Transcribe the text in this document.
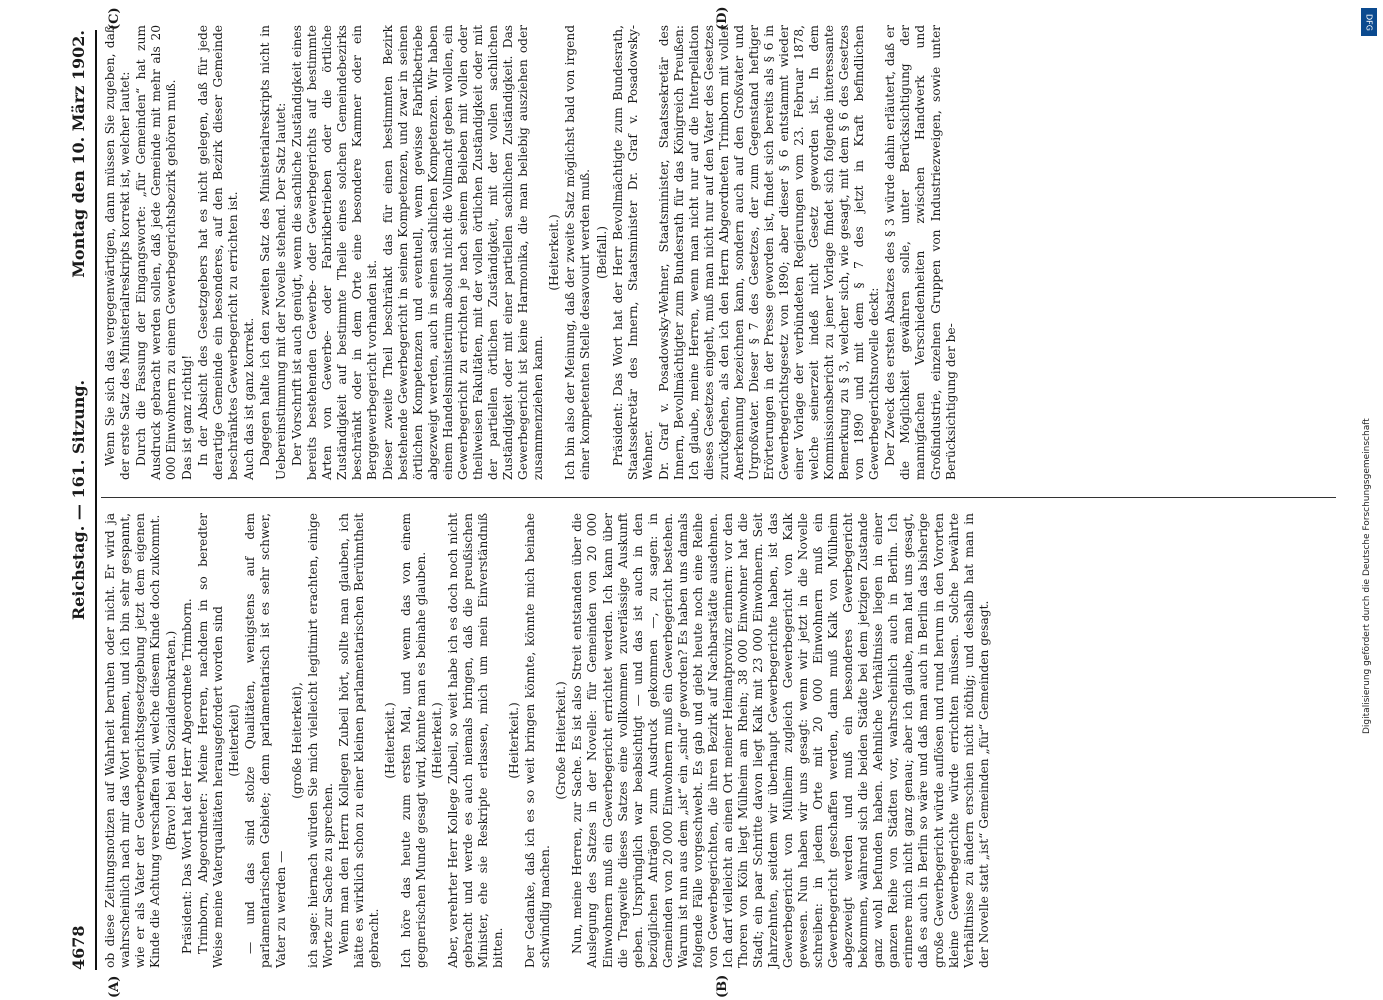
4678
Reichstag. — 161. Sitzung.
Montag den 10. März 1902.
(A)	(B)
(C)	(D)

ob diese Zeitungsnotizen auf Wahrheit beruhen oder nicht. Er wird ja wahrscheinlich nach mir das Wort nehmen, und ich bin sehr gespannt, wie er als Vater der Gewerbegerichtsgesetzgebung jetzt dem eigenen Kinde die Achtung verschaffen will, welche diesem Kinde doch zukommt. (Bravo! bei den Sozialdemokraten.) Präsident: Das Wort hat der Herr Abgeordnete Trimborn. Trimborn, Abgeordneter: Meine Herren, nachdem in so beredter Weise meine Vaterqualitäten herausgefordert worden sind (Heiterkeit) — und das sind stolze Qualitäten, wenigstens auf dem parlamentarischen Gebiete; denn parlamentarisch ist es sehr schwer, Vater zu werden —

(große Heiterkeit), ich sage: hiernach würden Sie mich vielleicht legitimirt erachten, einige Worte zur Sache zu sprechen. Wenn man den Herrn Kollegen Zubeil hört, sollte man glauben, ich hätte es wirklich schon zu einer kleinen parlamentarischen Berühmtheit gebracht.

(Heiterkeit.) Ich höre das heute zum ersten Mal, und wenn das von einem gegnerischen Munde gesagt wird, könnte man es beinahe glauben. (Heiterkeit.) Aber, verehrter Herr Kollege Zubeil, so weit habe ich es doch noch nicht gebracht und werde es auch niemals bringen, daß die preußischen Minister, ehe sie Reskripte erlassen, mich um mein Einverständniß bitten.

(Heiterkeit.) Der Gedanke, daß ich es so weit bringen könnte, könnte mich beinahe schwindlig machen.

(Große Heiterkeit.) Nun, meine Herren, zur Sache. Es ist also Streit entstanden über die Auslegung des Satzes in der Novelle: für Gemeinden von 20 000 Einwohnern muß ein Gewerbegericht errichtet werden. Ich kann über die Tragweite dieses Satzes eine vollkommen zuverlässige Auskunft geben. Ursprünglich war beabsichtigt — und das ist auch in den bezüglichen Anträgen zum Ausdruck gekommen —, zu sagen: in Gemeinden von 20 000 Einwohnern muß ein Gewerbegericht bestehen. Warum ist nun aus dem „ist“ ein „sind“ geworden? Es haben uns damals folgende Fälle vorgeschwebt. Es gab und giebt heute noch eine Reihe von Gewerbegerichten, die ihren Bezirk auf Nachbarstädte ausdehnen. Ich darf vielleicht an einen Ort meiner Heimatprovinz erinnern: vor den Thoren von Köln liegt Mülheim am Rhein; 38 000 Einwohner hat die Stadt; ein paar Schritte davon liegt Kalk mit 23 000 Einwohnern. Seit Jahrzehnten, seitdem wir überhaupt Gewerbegerichte haben, ist das Gewerbegericht von Mülheim zugleich Gewerbegericht von Kalk gewesen. Nun haben wir uns gesagt: wenn wir jetzt in die Novelle schreiben: in jedem Orte mit 20 000 Einwohnern muß ein Gewerbegericht geschaffen werden, dann muß Kalk von Mülheim abgezweigt werden und muß ein besonderes Gewerbegericht bekommen, während sich die beiden Städte bei dem jetzigen Zustande ganz wohl befunden haben. Aehnliche Verhältnisse liegen in einer ganzen Reihe von Städten vor, wahrscheinlich auch in Berlin. Ich erinnere mich nicht ganz genau; aber ich glaube, man hat uns gesagt, daß es auch in Berlin so wäre und daß man auch in Berlin das bisherige große Gewerbegericht würde auflösen und rund herum in den Vororten kleine Gewerbegerichte würde errichten müssen. Solche bewährte Verhältnisse zu ändern erschien nicht nöthig; und deshalb hat man in der Novelle statt „ist“ Gemeinden „für“ Gemeinden gesagt.

Wenn Sie sich das vergegenwärtigen, dann müssen Sie zugeben, daß der erste Satz des Ministerialreskripts korrekt ist, welcher lautet: Durch die Fassung der Eingangsworte: „für Gemeinden“ hat zum Ausdruck gebracht werden sollen, daß jede Gemeinde mit mehr als 20 000 Einwohnern zu einem Gewerbegerichtsbezirk gehören muß. Das ist ganz richtig! In der Absicht des Gesetzgebers hat es nicht gelegen, daß für jede derartige Gemeinde ein besonderes, auf den Bezirk dieser Gemeinde beschränktes Gewerbegericht zu errichten ist. Auch das ist ganz korrekt. Dagegen halte ich den zweiten Satz des Ministerialreskripts nicht in Uebereinstimmung mit der Novelle stehend. Der Satz lautet: Der Vorschrift ist auch genügt, wenn die sachliche Zuständigkeit eines bereits bestehenden Gewerbe- oder Gewerbegerichts auf bestimmte Arten von Gewerbe- oder Fabrikbetrieben oder die örtliche Zuständigkeit auf bestimmte Theile eines solchen Gemeindebezirks beschränkt oder in dem Orte eine besondere Kammer oder ein Berggewerbegericht vorhanden ist. Dieser zweite Theil beschränkt das für einen bestimmten Bezirk bestehende Gewerbegericht in seinen Kompetenzen, und zwar in seinen örtlichen Kompetenzen und eventuell, wenn gewisse Fabrikbetriebe abgezweigt werden, auch in seinen sachlichen Kompetenzen. Wir haben einem Handelsministerium absolut nicht die Vollmacht geben wollen, ein Gewerbegericht zu errichten je nach seinem Belieben mit vollen oder theilweisen Fakultäten, mit der vollen örtlichen Zuständigkeit oder mit der partiellen örtlichen Zuständigkeit, mit der vollen sachlichen Zuständigkeit oder mit einer partiellen sachlichen Zuständigkeit. Das Gewerbegericht ist keine Harmonika, die man beliebig ausziehen oder zusammenziehen kann.

(Heiterkeit.) Ich bin also der Meinung, daß der zweite Satz möglichst bald von irgend einer kompetenten Stelle desavouirt werden muß. (Beifall.) Präsident: Das Wort hat der Herr Bevollmächtigte zum Bundesrath, Staatssekretär des Innern, Staatsminister Dr. Graf v. Posadowsky-Wehner. Dr. Graf v. Posadowsky-Wehner, Staatsminister, Staatssekretär des Innern, Bevollmächtigter zum Bundesrath für das Königreich Preußen: Ich glaube, meine Herren, wenn man nicht nur auf die Interpellation dieses Gesetzes eingeht, muß man nicht nur auf den Vater des Gesetzes zurückgehen, als den ich den Herrn Abgeordneten Trimborn mit voller Anerkennung bezeichnen kann, sondern auch auf den Großvater und Urgroßvater. Dieser § 7 des Gesetzes, der zum Gegenstand heftiger Erörterungen in der Presse geworden ist, findet sich bereits als § 6 in Gewerbegerichtsgesetz von 1890; aber dieser § 6 entstammt wieder einer Vorlage der verbündeten Regierungen vom 23. Februar 1878, welche seinerzeit indeß nicht Gesetz geworden ist. In dem Kommissionsbericht zu jener Vorlage findet sich folgende interessante Bemerkung zu § 3, welcher sich, wie gesagt, mit dem § 6 des Gesetzes von 1890 und mit dem § 7 des jetzt in Kraft befindlichen Gewerbegerichtsnovelle deckt: Der Zweck des ersten Absatzes des § 3 würde dahin erläutert, daß er die Möglichkeit gewähren solle, unter Berücksichtigung der mannigfachen Verschiedenheiten zwischen Handwerk und Großindustrie, einzelnen Gruppen von Industriezweigen, sowie unter Berücksichtigung der be-

DFG
Digitalisierung gefördert durch die Deutsche Forschungsgemeinschaft
